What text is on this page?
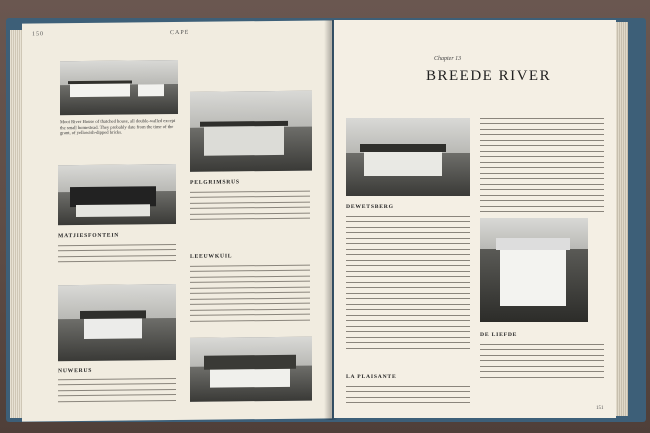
150	CAPE
Mooi River House of thatched house, all double-walled except the small homestead. They probably date from the time of the grant, of yellowish-dipped bricks.
PELGRIMSRUS
MATJIESFONTEIN
LEEUWKUIL
NUWERUS
Chapter 13
BREEDE RIVER
DEWETSBERG
DE LIEFDE
LA PLAISANTE
151
